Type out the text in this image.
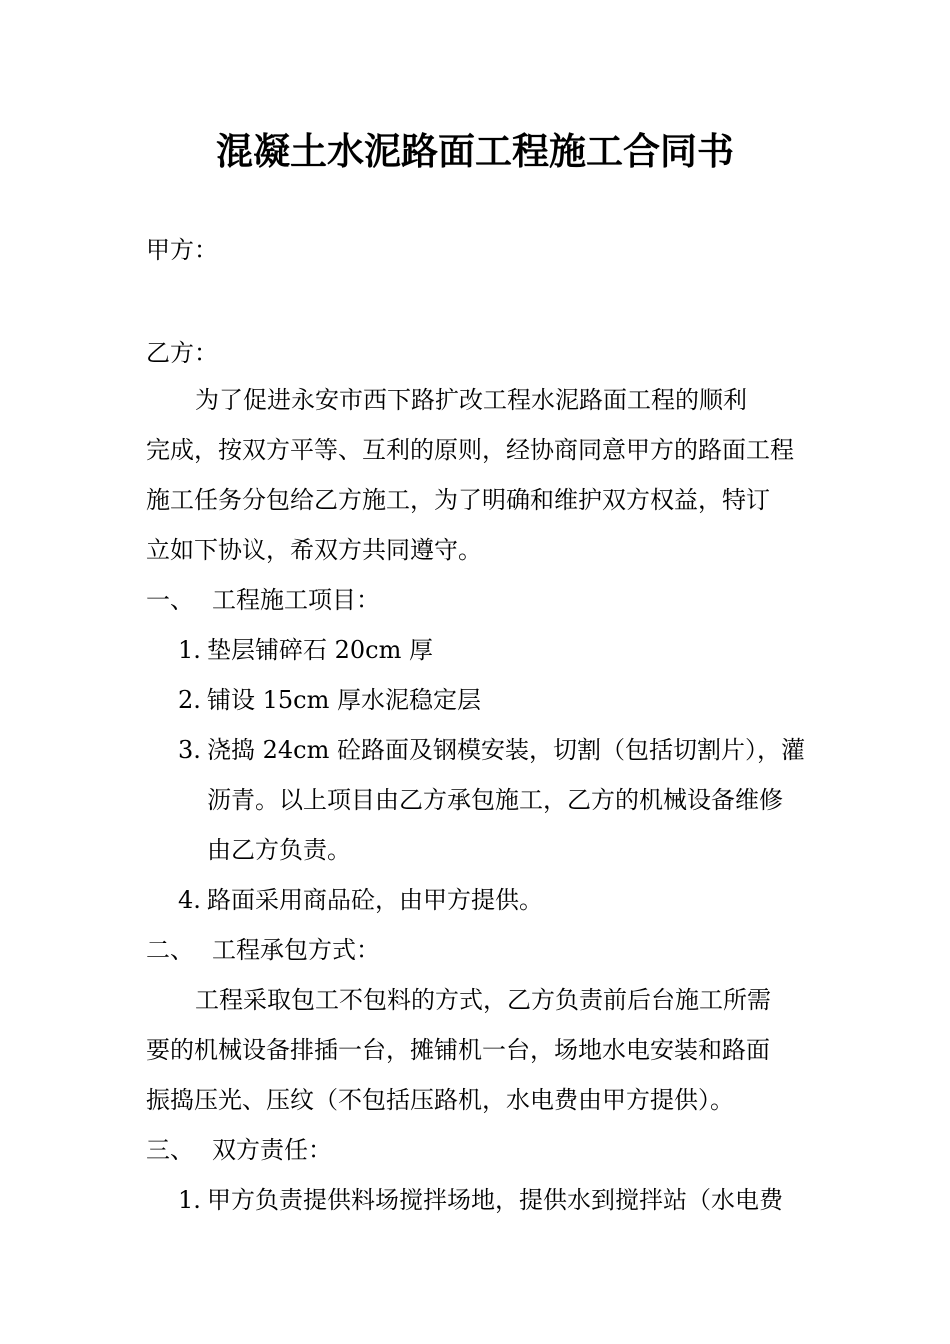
混凝土水泥路面工程施工合同书
甲方：
乙方：
为了促进永安市西下路扩改工程水泥路面工程的顺利
完成，按双方平等、互利的原则，经协商同意甲方的路面工程
施工任务分包给乙方施工，为了明确和维护双方权益，特订
立如下协议，希双方共同遵守。
一、 工程施工项目：
1. 垫层铺碎石 20cm 厚
2. 铺设 15cm 厚水泥稳定层
3. 浇捣 24cm 砼路面及钢模安装，切割（包括切割片），灌
沥青。以上项目由乙方承包施工，乙方的机械设备维修
由乙方负责。
4. 路面采用商品砼，由甲方提供。
二、 工程承包方式：
工程采取包工不包料的方式，乙方负责前后台施工所需
要的机械设备排插一台，摊铺机一台，场地水电安装和路面
振捣压光、压纹（不包括压路机，水电费由甲方提供）。
三、 双方责任：
1. 甲方负责提供料场搅拌场地，提供水到搅拌站（水电费
